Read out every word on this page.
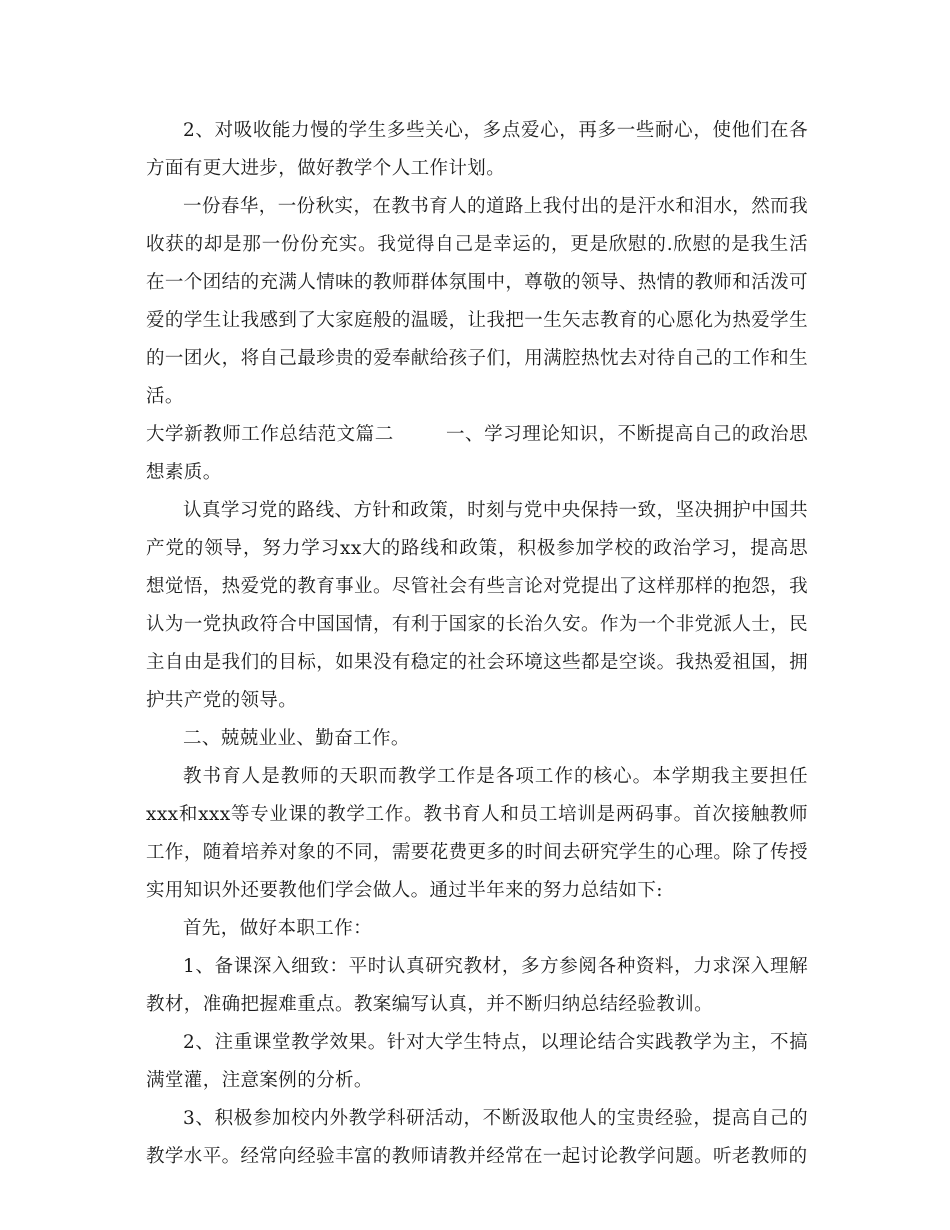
2、对吸收能力慢的学生多些关心，多点爱心，再多一些耐心，使他们在各方面有更大进步，做好教学个人工作计划。

一份春华，一份秋实，在教书育人的道路上我付出的是汗水和泪水，然而我收获的却是那一份份充实。我觉得自己是幸运的，更是欣慰的.欣慰的是我生活在一个团结的充满人情味的教师群体氛围中，尊敬的领导、热情的教师和活泼可爱的学生让我感到了大家庭般的温暖，让我把一生矢志教育的心愿化为热爱学生的一团火，将自己最珍贵的爱奉献给孩子们，用满腔热忱去对待自己的工作和生活。

大学新教师工作总结范文篇二	一、学习理论知识，不断提高自己的政治思想素质。

认真学习党的路线、方针和政策，时刻与党中央保持一致，坚决拥护中国共产党的领导，努力学习xx大的路线和政策，积极参加学校的政治学习，提高思想觉悟，热爱党的教育事业。尽管社会有些言论对党提出了这样那样的抱怨，我认为一党执政符合中国国情，有利于国家的长治久安。作为一个非党派人士，民主自由是我们的目标，如果没有稳定的社会环境这些都是空谈。我热爱祖国，拥护共产党的领导。

二、兢兢业业、勤奋工作。

教书育人是教师的天职而教学工作是各项工作的核心。本学期我主要担任xxx和xxx等专业课的教学工作。教书育人和员工培训是两码事。首次接触教师工作，随着培养对象的不同，需要花费更多的时间去研究学生的心理。除了传授实用知识外还要教他们学会做人。通过半年来的努力总结如下:

首先，做好本职工作：

1、备课深入细致：平时认真研究教材，多方参阅各种资料，力求深入理解教材，准确把握难重点。教案编写认真，并不断归纳总结经验教训。

2、注重课堂教学效果。针对大学生特点，以理论结合实践教学为主，不搞满堂灌，注意案例的分析。

3、积极参加校内外教学科研活动，不断汲取他人的宝贵经验，提高自己的教学水平。经常向经验丰富的教师请教并经常在一起讨论教学问题。听老教师的
